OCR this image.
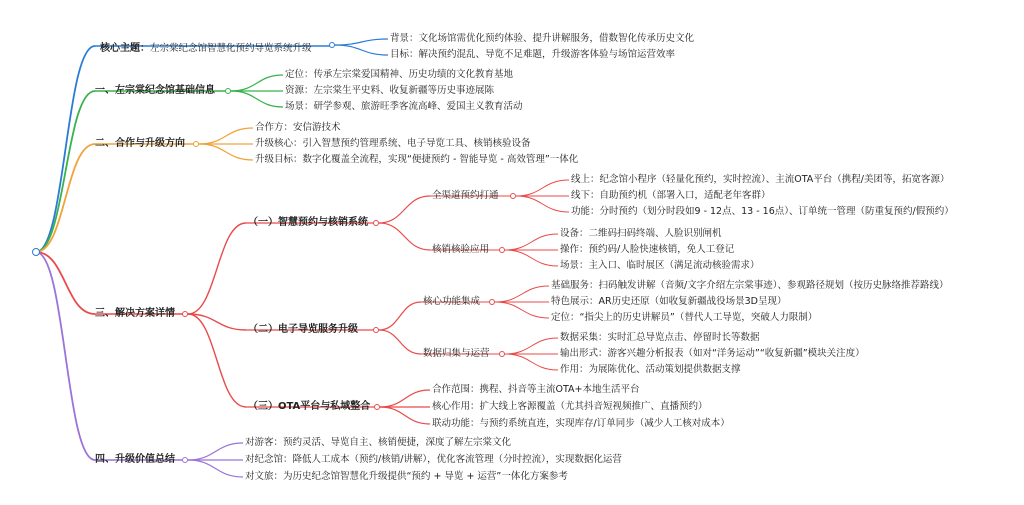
核心主题：左宗棠纪念馆智慧化预约导览系统升级
背景：文化场馆需优化预约体验、提升讲解服务，借数智化传承历史文化
目标：解决预约混乱、导览不足难题，升级游客体验与场馆运营效率
一、左宗棠纪念馆基础信息
定位：传承左宗棠爱国精神、历史功绩的文化教育基地
资源：左宗棠生平史料、收复新疆等历史事迹展陈
场景：研学参观、旅游旺季客流高峰、爱国主义教育活动
二、合作与升级方向
合作方：安信游技术
升级核心：引入智慧预约管理系统、电子导览工具、核销核验设备
升级目标：数字化覆盖全流程，实现“便捷预约 - 智能导览 - 高效管理”一体化
三、解决方案详情
（一）智慧预约与核销系统
全渠道预约打通
线上：纪念馆小程序（轻量化预约，实时控流）、主流OTA平台（携程/美团等，拓宽客源）
线下：自助预约机（部署入口，适配老年客群）
功能：分时预约（划分时段如9 - 12点、13 - 16点）、订单统一管理（防重复预约/假预约）
核销核验应用
设备：二维码扫码终端、人脸识别闸机
操作：预约码/人脸快速核销，免人工登记
场景：主入口、临时展区（满足流动核验需求）
（二）电子导览服务升级
核心功能集成
基础服务：扫码触发讲解（音频/文字介绍左宗棠事迹）、参观路径规划（按历史脉络推荐路线）
特色展示：AR历史还原（如收复新疆战役场景3D呈现）
定位：“指尖上的历史讲解员”（替代人工导览，突破人力限制）
数据归集与运营
数据采集：实时汇总导览点击、停留时长等数据
输出形式：游客兴趣分析报表（如对“洋务运动”“收复新疆”模块关注度）
作用：为展陈优化、活动策划提供数据支撑
（三）OTA平台与私域整合
合作范围：携程、抖音等主流OTA+本地生活平台
核心作用：扩大线上客源覆盖（尤其抖音短视频推广、直播预约）
联动功能：与预约系统直连，实现库存/订单同步（减少人工核对成本）
四、升级价值总结
对游客：预约灵活、导览自主、核销便捷，深度了解左宗棠文化
对纪念馆：降低人工成本（预约/核销/讲解），优化客流管理（分时控流），实现数据化运营
对文旅：为历史纪念馆智慧化升级提供“预约 + 导览 + 运营”一体化方案参考
